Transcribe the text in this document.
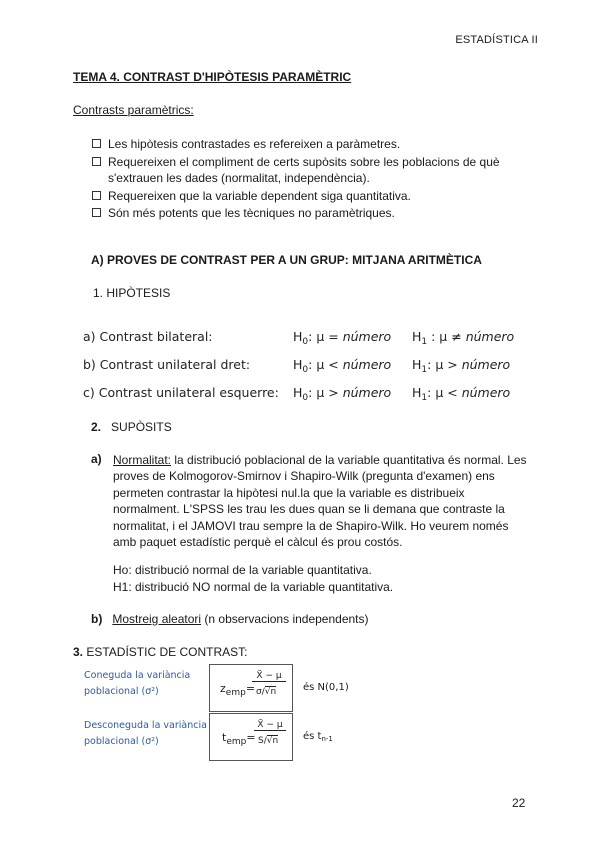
ESTADÍSTICA II
TEMA 4. CONTRAST D'HIPÒTESIS PARAMÈTRIC
Contrasts paramètrics:
Les hipòtesis contrastades es refereixen a paràmetres.
Requereixen el compliment de certs supòsits sobre les poblacions de què s'extrauen les dades (normalitat, independència).
Requereixen que la variable dependent siga quantitativa.
Són més potents que les tècniques no paramètriques.
A) PROVES DE CONTRAST PER A UN GRUP: MITJANA ARITMÈTICA
1. HIPÒTESIS
a) Contrast bilateral:	$H_0$: μ = número $H_1$ : μ ≠ número
b) Contrast unilateral dret:	$H_0$: μ < número $H_1$: μ > número
c) Contrast unilateral esquerre: $H_0$: μ > número $H_1$: μ < número
2. SUPÒSITS
a) Normalitat: la distribució poblacional de la variable quantitativa és normal. Les proves de Kolmogorov-Smirnov i Shapiro-Wilk (pregunta d'examen) ens permeten contrastar la hipòtesi nul.la que la variable es distribueix normalment. L'SPSS les trau les dues quan se li demana que contraste la normalitat, i el JAMOVI trau sempre la de Shapiro-Wilk. Ho veurem només amb paquet estadístic perquè el càlcul és prou costós.
Ho: distribució normal de la variable quantitativa.
H1: distribució NO normal de la variable quantitativa.
b) Mostreig aleatori (n observacions independents)
3. ESTADÍSTIC DE CONTRAST:
Coneguda la variància
poblacional (σ²)	zemp=
X̄ − μ
σ/√n	és N(0,1)
Desconeguda la variància
poblacional (σ²)	temp=
X̄ − μ
S/√n és $t_{n-1}$
22
